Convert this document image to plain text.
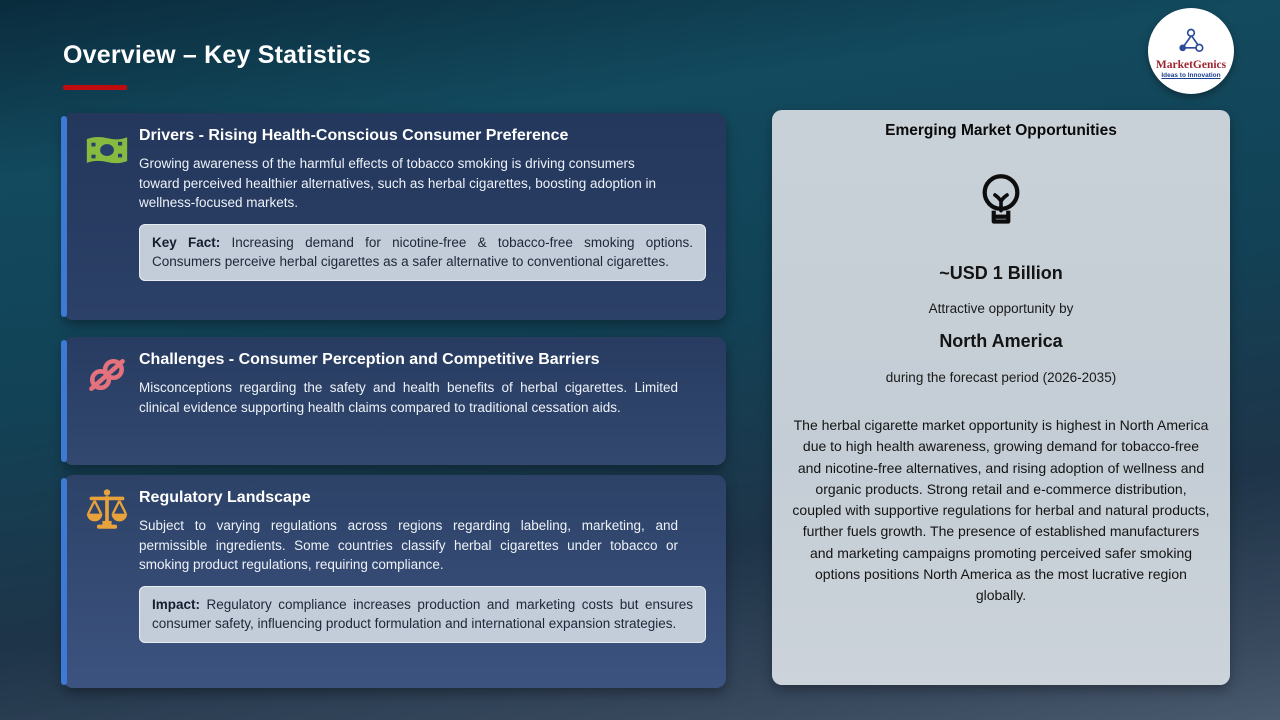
Overview – Key Statistics	MarketGenics
Ideas to Innovation
Drivers - Rising Health-Conscious Consumer Preference
Growing awareness of the harmful effects of tobacco smoking is driving consumers toward perceived healthier alternatives, such as herbal cigarettes, boosting adoption in wellness-focused markets.
Key Fact: Increasing demand for nicotine-free & tobacco-free smoking options. Consumers perceive herbal cigarettes as a safer alternative to conventional cigarettes.
Challenges - Consumer Perception and Competitive Barriers
Misconceptions regarding the safety and health benefits of herbal cigarettes. Limited clinical evidence supporting health claims compared to traditional cessation aids.
Regulatory Landscape
Subject to varying regulations across regions regarding labeling, marketing, and permissible ingredients. Some countries classify herbal cigarettes under tobacco or smoking product regulations, requiring compliance.
Impact: Regulatory compliance increases production and marketing costs but ensures consumer safety, influencing product formulation and international expansion strategies.
Emerging Market Opportunities
~USD 1 Billion
Attractive opportunity by
North America
during the forecast period (2026-2035)
The herbal cigarette market opportunity is highest in North America due to high health awareness, growing demand for tobacco-free and nicotine-free alternatives, and rising adoption of wellness and organic products. Strong retail and e-commerce distribution, coupled with supportive regulations for herbal and natural products, further fuels growth. The presence of established manufacturers and marketing campaigns promoting perceived safer smoking options positions North America as the most lucrative region globally.
